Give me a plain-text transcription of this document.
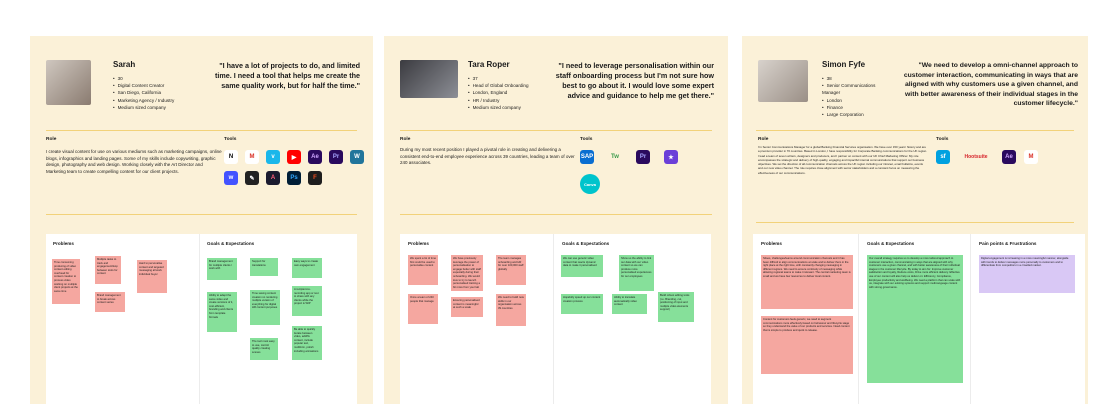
Sarah
• 30
• Digital Content Creator
• San Diego, California
• Marketing Agency / Industry
• Medium sized company
"I have a lot of projects to do, and limited time. I need a tool that helps me create the same quality work, but for half the time."
Role
I create visual content for use on various mediums such as marketing campaigns, online blogs, infographics and landing pages. Some of my skills include copywriting, graphic design, photography and web design. Working closely with the Art Director and Marketing team to create compelling content for our client projects.
Tools
N	M	v	▶	Ae	Pr	W
w	✎	A	Ps	F
Problems	Goals & Expectations
Time consuming producing of video content editing overhead for content creation to process video working on multiple client projects at the same time
Multiple tasks to track and engagement/loop between tools for content
Hard to personalise content and targeted messaging all work individual buyer
Brand management to break across content series
Brand management for multiple clients / work with
Support for translations
Easy ways to create own engagement
Ability to adapt the same video and create versions of it, cost-efficient, branding and clients from template formats
Time saving content creation no rendering multiple version of everything for digital HR content purposes
A recipient-to-recording app or text to share with any clients while the project is WIP
The tool must easy to use, control quality creating scenes
Be able to quickly iterate between video, add/fix content, include popular text, multiform, polish including animations
Tara Roper
• 37
• Head of Global Onboarding
• London, England
• HR / Industry
• Medium sized company
"I need to leverage personalisation within our staff onboarding process but I'm not sure how best to go about it. I would love some expert advice and guidance to help me get there."
Role
During my most recent position I played a pivotal role in creating and delivering a consistent end-to-end employee experience across 39 countries, leading a team of over 240 associates.
Tools
SAP	Tw	Pr	★
Canva
Problems	Goals & Expectations
We spent a lot of time first could be used to personalise content
We have previously leverage the power of personalisation to engage better with staff especially during their onboarding. We would love to try to launch personalised training a bit more from your lab
The team manages onboarding and HR for over 100,000 staff globally
Onne a team of 240 people that manage	Ensuring personalised content is meaningful at such a scale
We need to build new skills in our organisation across 39 countries
We can use generic video content that reacts dynamic data to make it personalised
Show us the ability to link our data with our video content so we can produce more personalised experiences for our employees
Hopefully speed up our content creation process
Ability to translate automatically video content
Build robust editing tools (i.e. Branding, cut, positioning of input and multiple video elements support)
Simon Fyfe
• 38
• Senior Communications Manager
• London
• Finance
• Large Corporation
"We need to develop a omni-channel approach to customer interaction, communicating in ways that are aligned with why customers use a given channel, and with better awareness of their individual stages in the customer lifecycle."
Role
I'm Senior Communications Manager for a global Banking Financial Services organisation. We have over 150 years' history and are a premium provider in 70 countries. Based in London, I have responsibility for Corporate Banking communications for the UK region. I lead a team of seven writers, designers and producers, and I partner on content with our UK Chief Marketing Officer. My role encompasses the strategic and delivery of high-quality, engaging and impactful internal communications that support our business objectives. We set the direction of all communication channels across the UK region including our intranet, email bulletins, events and our new video channel. The role requires close alignment with senior stakeholders and a constant focus on measuring the effectiveness of our communications.
Tools
sf	Hootsuite	Ae	M
Problems	Goals & Expectations	Pain points & Frustrations
Siloes, challenges/teams around communication channels and it has been difficult to align communications at scale and to deliver them in the right place at the right time, with constantly changing messaging in different regions. We need to ensure continuity of messaging while allowing regional teams to make it relevant. The central marketing team is small and we have few resources to deliver local content.
Content for customers feels generic, we need to segment communications more effectively based on behaviour and lifecycle stage so they understand the value of our products and services. Need content that is simple to produce and quick to release.
Our overall strategy requires us to develop a more tailored approach to customer interaction, communicating in ways that are aligned with why customers use a given channel, and with better awareness of their individual stages in the customer lifecycle. By today to aim for: Improve customer satisfaction and loyalty, Reduce costs, Drive more efficient delivery. Effective use of our content will also help us deliver on: Efficiency, Compliance, Employee productivity and wellbeing. We need a platform that can scale with us, integrate with our existing systems and support multi-language content with strong governance.
Digital engagement is increasing in a more meaningful manner, alongside with trends to deliver messages more personally to customers and to differentiate from competitors in a crowded market.
